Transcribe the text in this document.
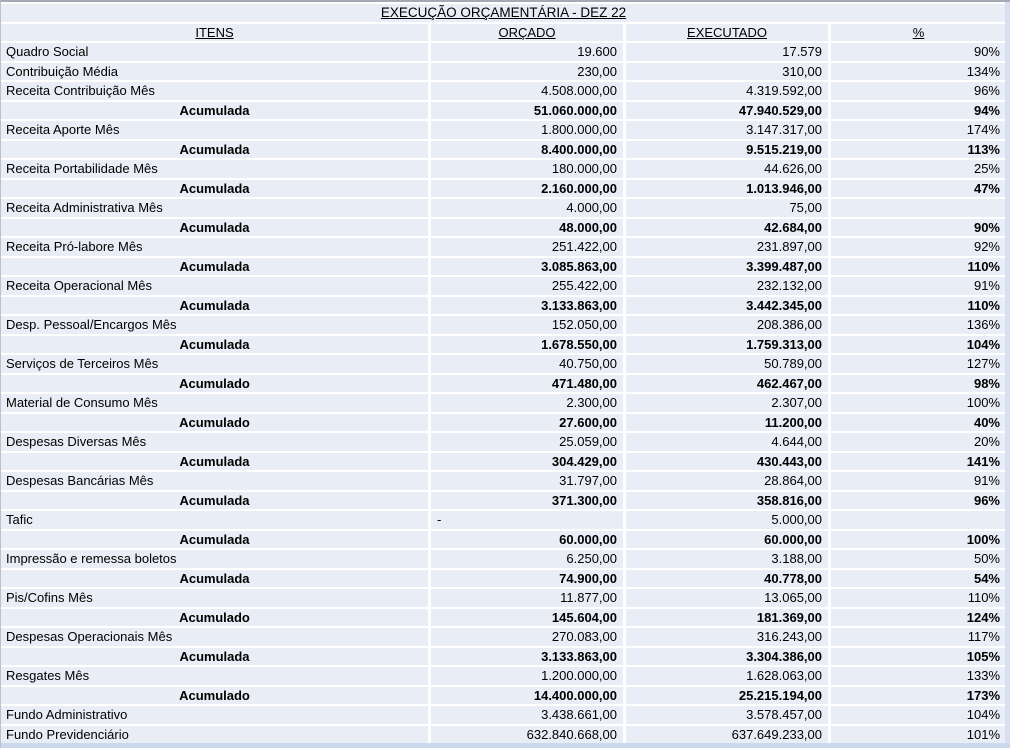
EXECUÇÃO ORÇAMENTÁRIA - DEZ 22
ITENS	ORÇADO	EXECUTADO	%
Quadro Social	19.600	17.579	90%
Contribuição Média	230,00	310,00	134%
Receita Contribuição Mês	4.508.000,00	4.319.592,00	96%
Acumulada	51.060.000,00	47.940.529,00	94%
Receita Aporte Mês	1.800.000,00	3.147.317,00	174%
Acumulada	8.400.000,00	9.515.219,00	113%
Receita Portabilidade Mês	180.000,00	44.626,00	25%
Acumulada	2.160.000,00	1.013.946,00	47%
Receita Administrativa Mês	4.000,00	75,00
Acumulada	48.000,00	42.684,00	90%
Receita Pró-labore Mês	251.422,00	231.897,00	92%
Acumulada	3.085.863,00	3.399.487,00	110%
Receita Operacional Mês	255.422,00	232.132,00	91%
Acumulada	3.133.863,00	3.442.345,00	110%
Desp. Pessoal/Encargos Mês	152.050,00	208.386,00	136%
Acumulada	1.678.550,00	1.759.313,00	104%
Serviços de Terceiros Mês	40.750,00	50.789,00	127%
Acumulado	471.480,00	462.467,00	98%
Material de Consumo Mês	2.300,00	2.307,00	100%
Acumulado	27.600,00	11.200,00	40%
Despesas Diversas Mês	25.059,00	4.644,00	20%
Acumulada	304.429,00	430.443,00	141%
Despesas Bancárias Mês	31.797,00	28.864,00	91%
Acumulada	371.300,00	358.816,00	96%
Tafic	-	5.000,00
Acumulada	60.000,00	60.000,00	100%
Impressão e remessa boletos	6.250,00	3.188,00	50%
Acumulada	74.900,00	40.778,00	54%
Pis/Cofins Mês	11.877,00	13.065,00	110%
Acumulado	145.604,00	181.369,00	124%
Despesas Operacionais Mês	270.083,00	316.243,00	117%
Acumulada	3.133.863,00	3.304.386,00	105%
Resgates Mês	1.200.000,00	1.628.063,00	133%
Acumulado	14.400.000,00	25.215.194,00	173%
Fundo Administrativo	3.438.661,00	3.578.457,00	104%
Fundo Previdenciário	632.840.668,00	637.649.233,00	101%
